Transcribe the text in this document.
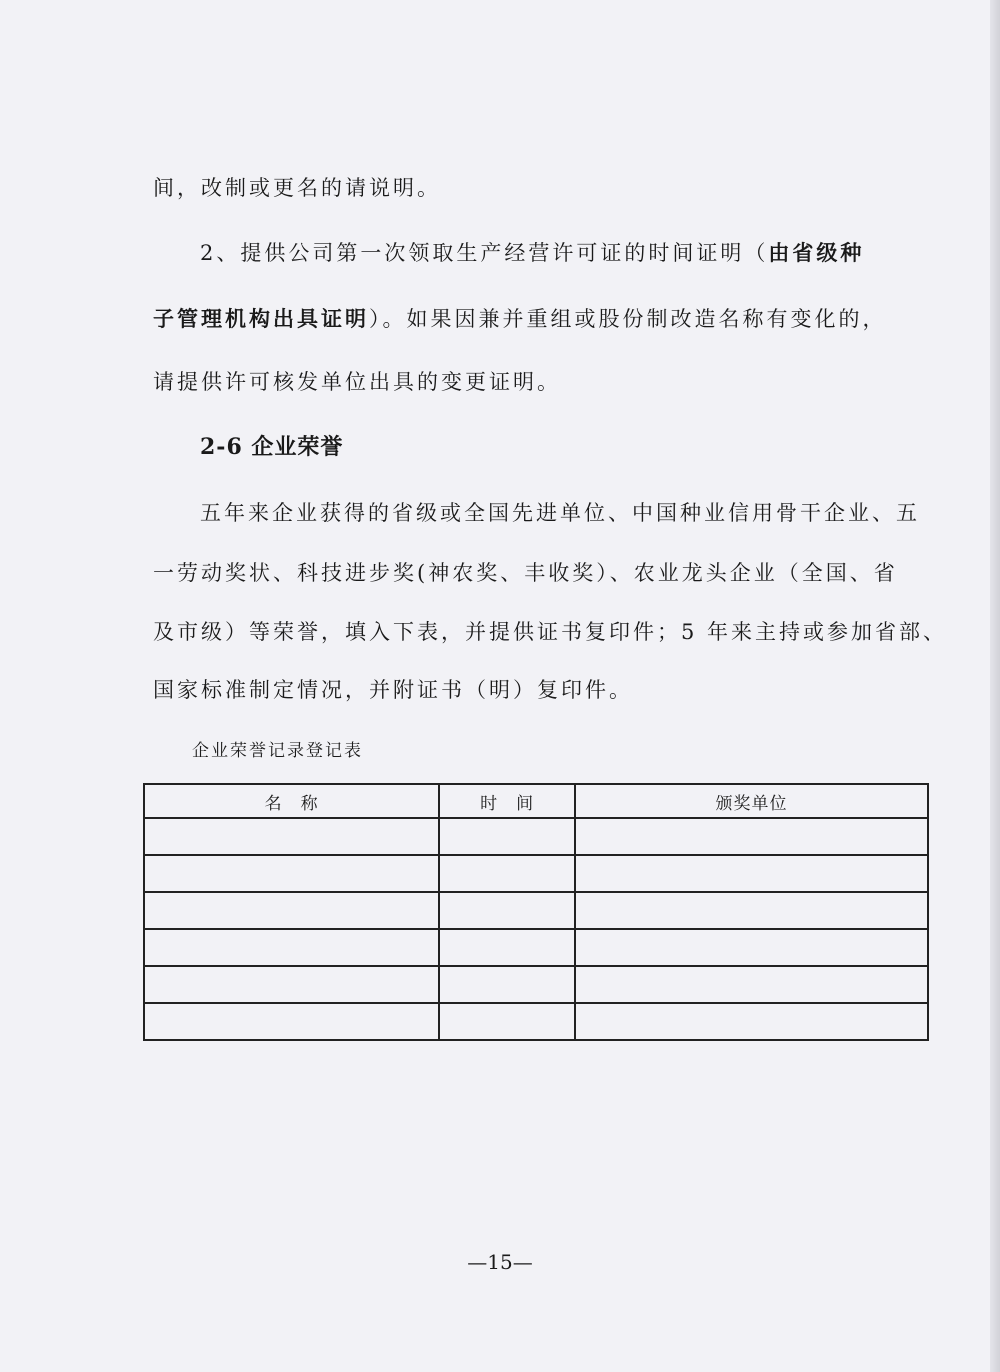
间，改制或更名的请说明。
2、提供公司第一次领取生产经营许可证的时间证明（由省级种
子管理机构出具证明）。如果因兼并重组或股份制改造名称有变化的，
请提供许可核发单位出具的变更证明。
2-6 企业荣誉
五年来企业获得的省级或全国先进单位、中国种业信用骨干企业、五
一劳动奖状、科技进步奖(神农奖、丰收奖）、农业龙头企业（全国、省
及市级）等荣誉，填入下表，并提供证书复印件；5 年来主持或参加省部、
国家标准制定情况，并附证书（明）复印件。
企业荣誉记录登记表
名　称	时　间	颁奖单位

—15—
